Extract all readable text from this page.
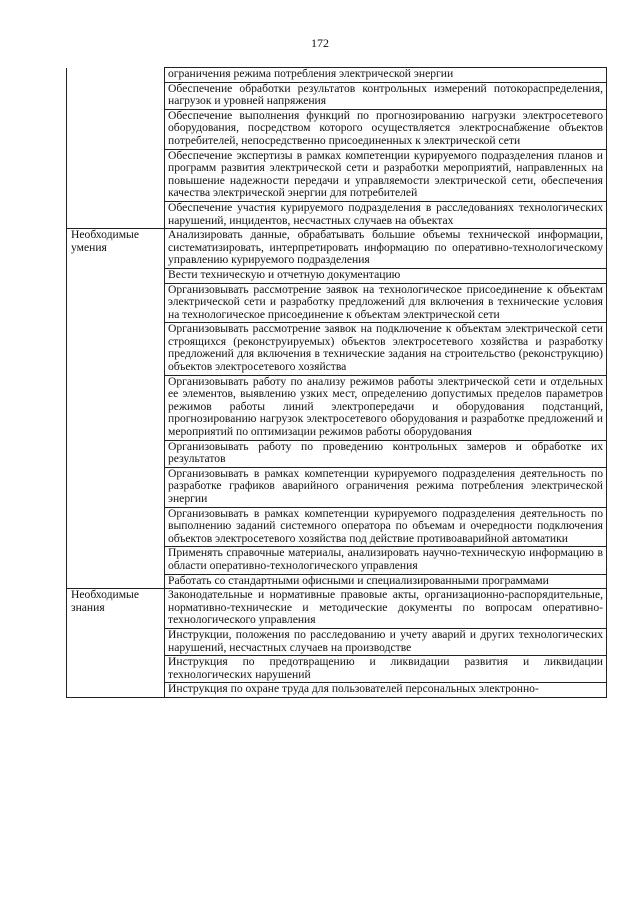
172
	ограничения режима потребления электрической энергии
	Обеспечение обработки результатов контрольных измерений потокораспределения, нагрузок и уровней напряжения
	Обеспечение выполнения функций по прогнозированию нагрузки электросетевого оборудования, посредством которого осуществляется электроснабжение объектов потребителей, непосредственно присоединенных к электрической сети
	Обеспечение экспертизы в рамках компетенции курируемого подразделения планов и программ развития электрической сети и разработки мероприятий, направленных на повышение надежности передачи и управляемости электрической сети, обеспечения качества электрической энергии для потребителей
	Обеспечение участия курируемого подразделения в расследованиях технологических нарушений, инцидентов, несчастных случаев на объектах
Необходимые умения	Анализировать данные, обрабатывать большие объемы технической информации, систематизировать, интерпретировать информацию по оперативно-технологическому управлению курируемого подразделения
	Вести техническую и отчетную документацию
	Организовывать рассмотрение заявок на технологическое присоединение к объектам электрической сети и разработку предложений для включения в технические условия на технологическое присоединение к объектам электрической сети
	Организовывать рассмотрение заявок на подключение к объектам электрической сети строящихся (реконструируемых) объектов электросетевого хозяйства и разработку предложений для включения в технические задания на строительство (реконструкцию) объектов электросетевого хозяйства
	Организовывать работу по анализу режимов работы электрической сети и отдельных ее элементов, выявлению узких мест, определению допустимых пределов параметров режимов работы линий электропередачи и оборудования подстанций, прогнозированию нагрузок электросетевого оборудования и разработке предложений и мероприятий по оптимизации режимов работы оборудования
	Организовывать работу по проведению контрольных замеров и обработке их результатов
	Организовывать в рамках компетенции курируемого подразделения деятельность по разработке графиков аварийного ограничения режима потребления электрической энергии
	Организовывать в рамках компетенции курируемого подразделения деятельность по выполнению заданий системного оператора по объемам и очередности подключения объектов электросетевого хозяйства под действие противоаварийной автоматики
	Применять справочные материалы, анализировать научно-техническую информацию в области оперативно-технологического управления
	Работать со стандартными офисными и специализированными программами
Необходимые знания	Законодательные и нормативные правовые акты, организационно-распорядительные, нормативно-технические и методические документы по вопросам оперативно-технологического управления
	Инструкции, положения по расследованию и учету аварий и других технологических нарушений, несчастных случаев на производстве
	Инструкция по предотвращению и ликвидации развития и ликвидации технологических нарушений
	Инструкция по охране труда для пользователей персональных электронно-
